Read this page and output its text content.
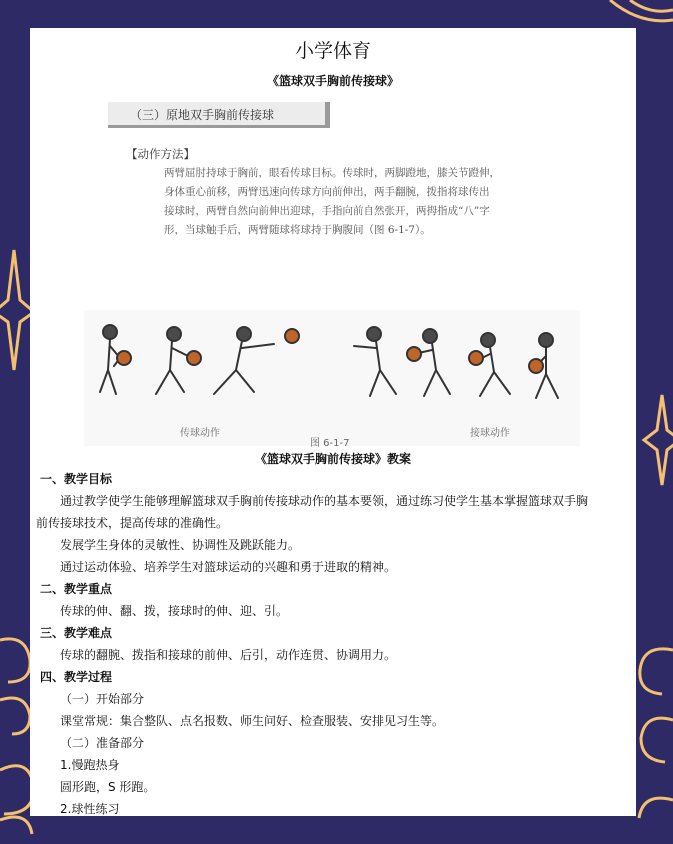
小学体育
《篮球双手胸前传接球》
（三）原地双手胸前传接球
【动作方法】
两臂屈肘持球于胸前，眼看传球目标。传球时，两脚蹬地，膝关节蹬伸，
身体重心前移，两臂迅速向传球方向前伸出，两手翻腕，拨指将球传出
接球时，两臂自然向前伸出迎球，手指向前自然张开，两拇指成“八”字
形，当球触手后，两臂随球将球持于胸腹间（图 6-1-7）。
传球动作	接球动作
图 6-1-7
《篮球双手胸前传接球》教案
一、教学目标
通过教学使学生能够理解篮球双手胸前传接球动作的基本要领，通过练习使学生基本掌握篮球双手胸
前传接球技术，提高传球的准确性。
发展学生身体的灵敏性、协调性及跳跃能力。
通过运动体验、培养学生对篮球运动的兴趣和勇于进取的精神。
二、教学重点
传球的伸、翻、拨，接球时的伸、迎、引。
三、教学难点
传球的翻腕、拨指和接球的前伸、后引，动作连贯、协调用力。
四、教学过程
（一）开始部分
课堂常规：集合整队、点名报数、师生问好、检查服装、安排见习生等。
（二）准备部分
1.慢跑热身
圆形跑，S 形跑。
2.球性练习
